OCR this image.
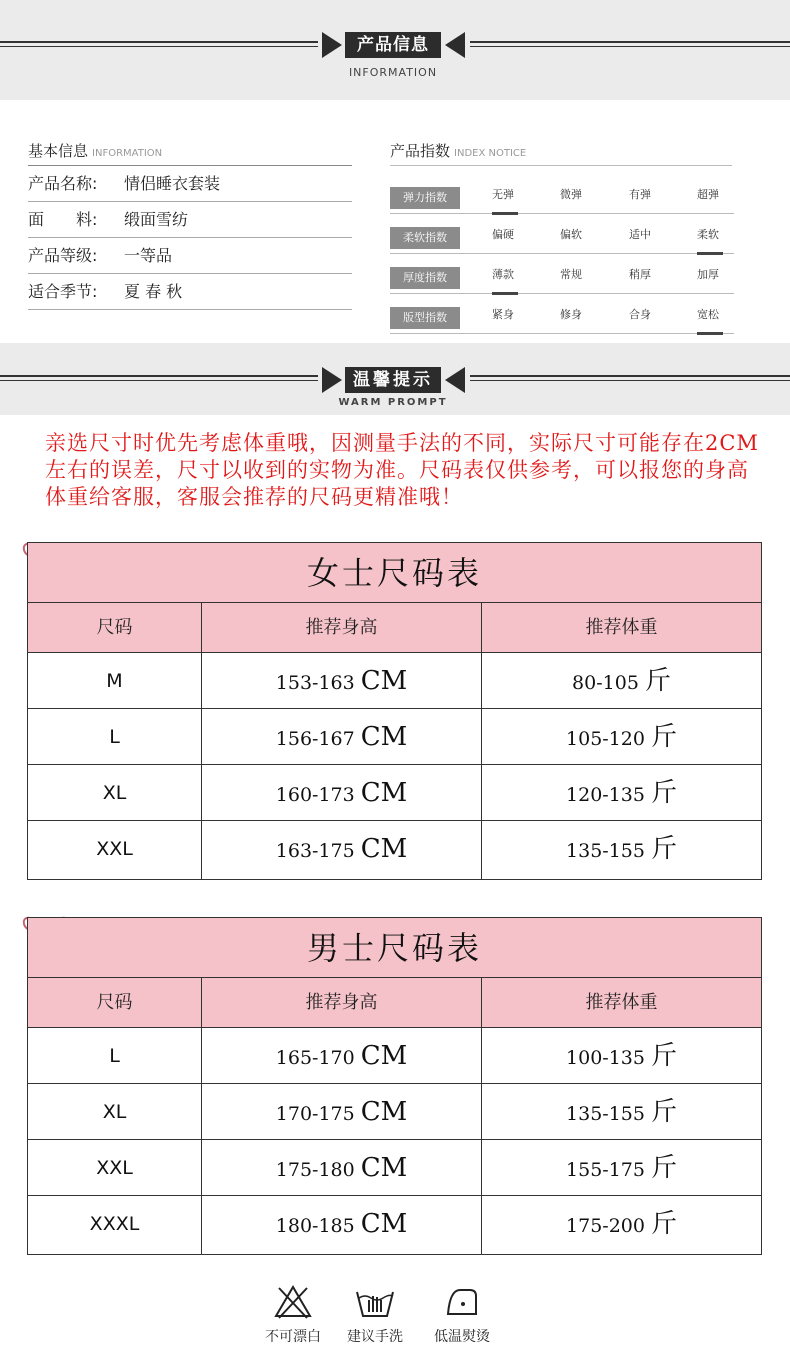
产品信息
INFORMATION
基本信息 INFORMATION
产品名称:	情侣睡衣套装
面　　料:	缎面雪纺
产品等级:	一等品
适合季节:	夏 春 秋
产品指数 INDEX NOTICE
弹力指数	无弹	微弹	有弹	超弹
柔软指数	偏硬	偏软	适中	柔软
厚度指数	薄款	常规	稍厚	加厚
版型指数	紧身	修身	合身	宽松
温馨提示
WARM PROMPT
亲选尺寸时优先考虑体重哦，因测量手法的不同，实际尺寸可能存在2CM左右的误差，尺寸以收到的实物为准。尺码表仅供参考，可以报您的身高体重给客服，客服会推荐的尺码更精准哦！
女士尺码表
尺码	推荐身高	推荐体重
M	153-163 CM	80-105 斤
L	156-167 CM	105-120 斤
XL	160-173 CM	120-135 斤
XXL	163-175 CM	135-155 斤
男士尺码表
尺码	推荐身高	推荐体重
L	165-170 CM	100-135 斤
XL	170-175 CM	135-155 斤
XXL	175-180 CM	155-175 斤
XXXL	180-185 CM	175-200 斤
不可漂白	建议手洗	低温熨烫
